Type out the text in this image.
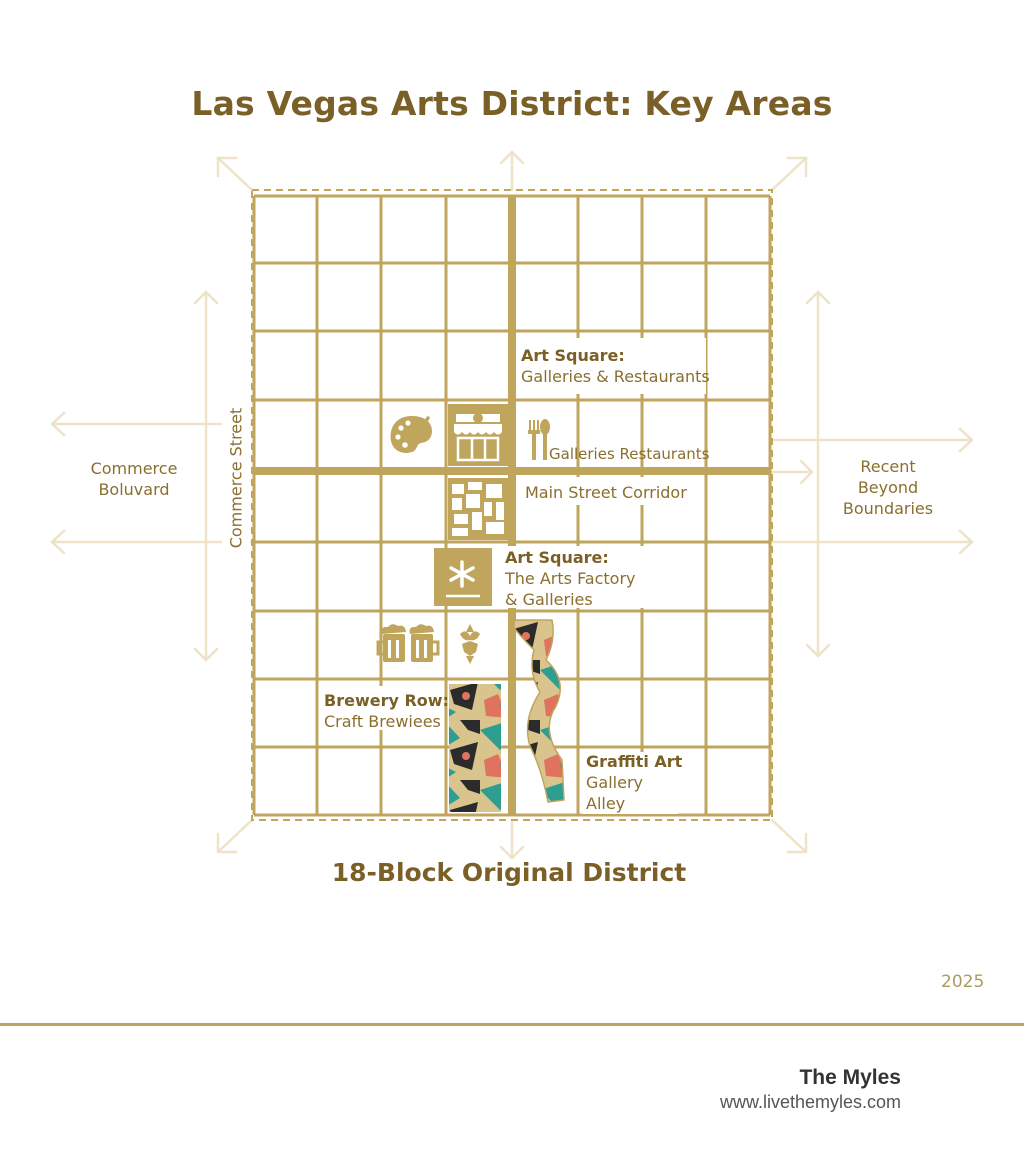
Las Vegas Arts District: Key Areas
Art Square:
Galleries & Restaurants
Galleries Restaurants
Main Street Corridor
Art Square:
The Arts Factory
& Galleries
Brewery Row:
Craft Brewiees
Graffiti Art
Gallery
Alley
Commerce Street
Commerce
Boluvard
Recent
Beyond
Boundaries
18-Block Original District
2025
The Myles
www.livethemyles.com
